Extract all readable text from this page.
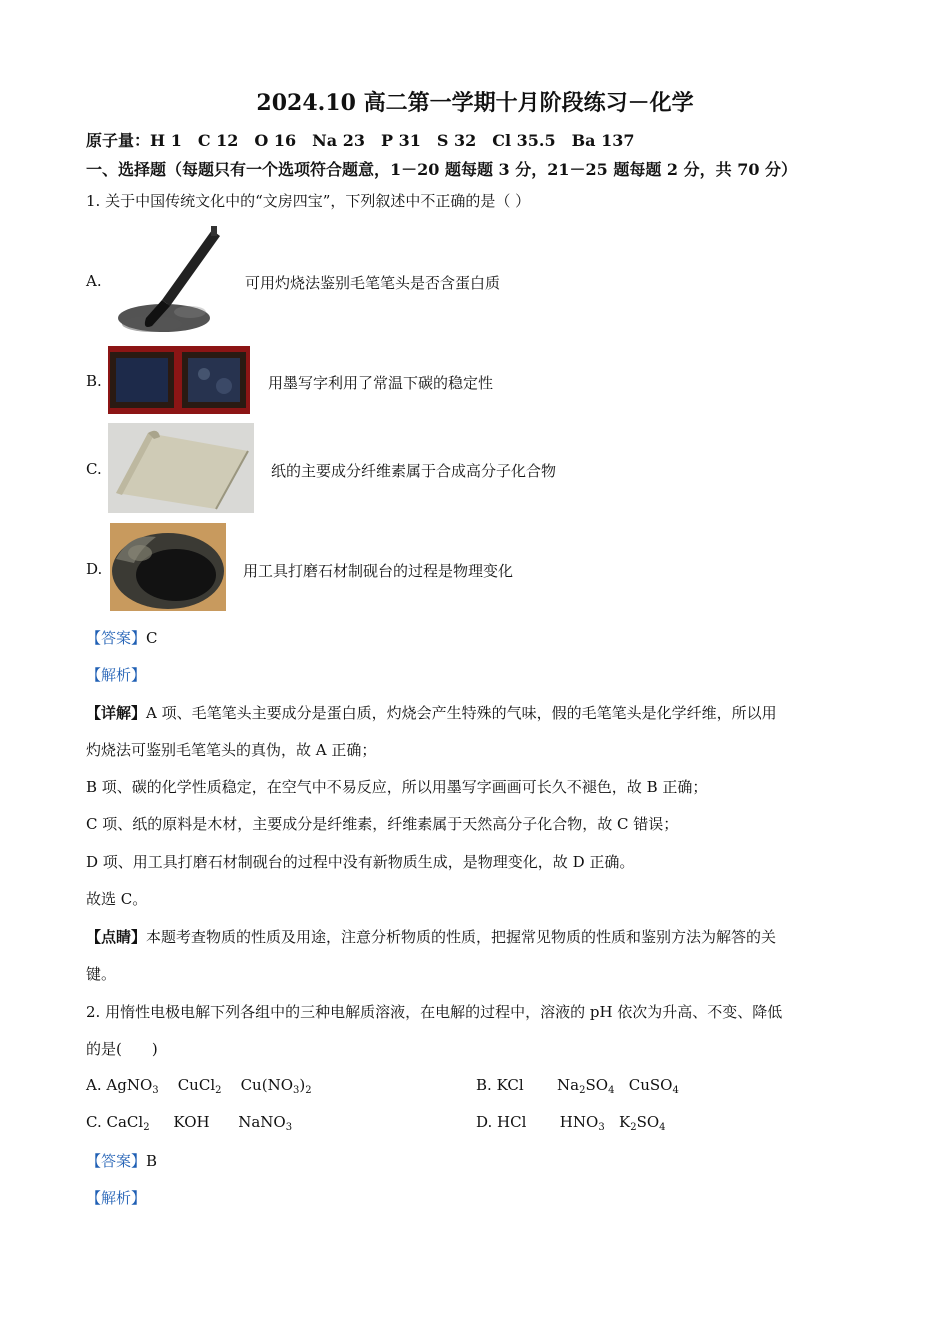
2024.10 高二第一学期十月阶段练习－化学
原子量：H 1　C 12　O 16　Na 23　P 31　S 32　Cl 35.5　Ba 137
一、选择题（每题只有一个选项符合题意，1－20 题每题 3 分，21－25 题每题 2 分，共 70 分）
1. 关于中国传统文化中的“文房四宝”，下列叙述中不正确的是（ ）
A.	可用灼烧法鉴别毛笔笔头是否含蛋白质
B.	用墨写字利用了常温下碳的稳定性
C.	纸的主要成分纤维素属于合成高分子化合物
D.	用工具打磨石材制砚台的过程是物理变化
【答案】C
【解析】
【详解】A 项、毛笔笔头主要成分是蛋白质，灼烧会产生特殊的气味，假的毛笔笔头是化学纤维，所以用
灼烧法可鉴别毛笔笔头的真伪，故 A 正确；
B 项、碳的化学性质稳定，在空气中不易反应，所以用墨写字画画可长久不褪色，故 B 正确；
C 项、纸的原料是木材，主要成分是纤维素，纤维素属于天然高分子化合物，故 C 错误；
D 项、用工具打磨石材制砚台的过程中没有新物质生成，是物理变化，故 D 正确。
故选 C。
【点睛】本题考查物质的性质及用途，注意分析物质的性质，把握常见物质的性质和鉴别方法为解答的关
键。
2. 用惰性电极电解下列各组中的三种电解质溶液，在电解的过程中，溶液的 pH 依次为升高、不变、降低
的是(　　)
A. AgNO$_3$ CuCl$_2$ $Cu(NO_3)_2$	B. KCl $Na_2SO_4$ CuSO$_4$
C. CaCl$_2$ KOH NaNO$_3$	D. HCl $HNO_3$ $K_2SO_4$
【答案】B
【解析】
